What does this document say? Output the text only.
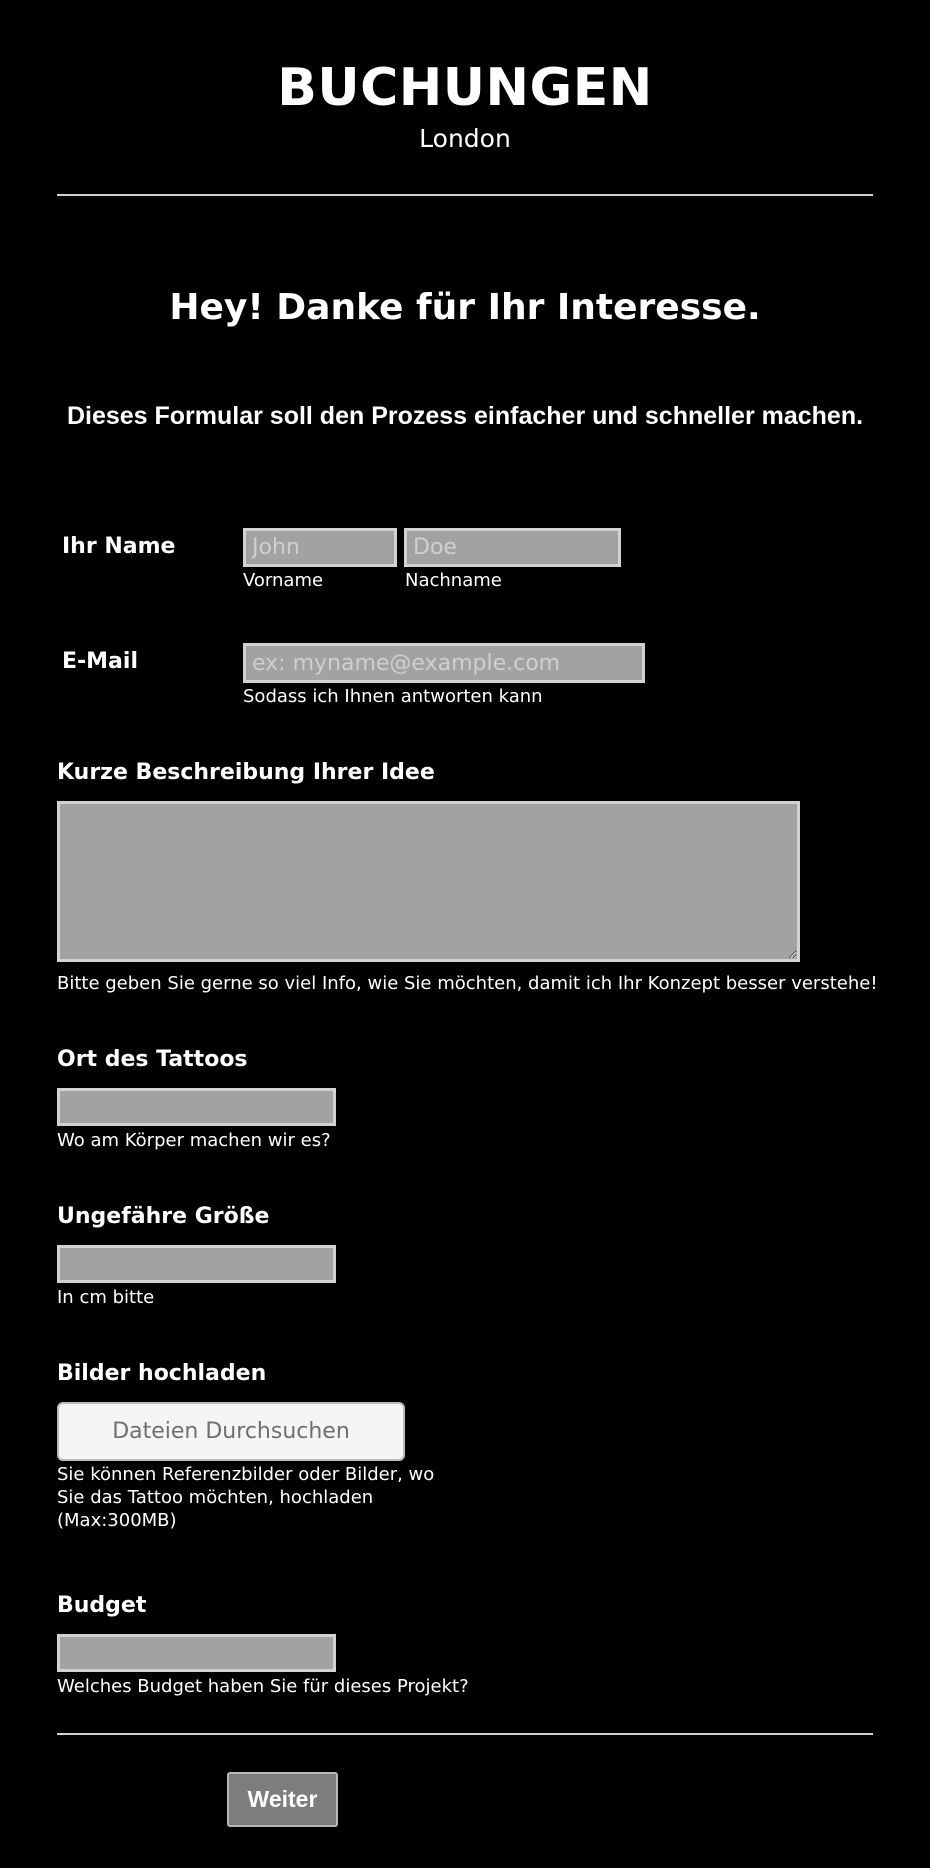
BUCHUNGEN
London
Hey! Danke für Ihr Interesse.
Dieses Formular soll den Prozess einfacher und schneller machen.
Ihr Name
John
Doe
Vorname	Nachname
E-Mail
ex: myname@example.com
Sodass ich Ihnen antworten kann
Kurze Beschreibung Ihrer Idee
Bitte geben Sie gerne so viel Info, wie Sie möchten, damit ich Ihr Konzept besser verstehe!
Ort des Tattoos
Wo am Körper machen wir es?
Ungefähre Größe
In cm bitte
Bilder hochladen
Dateien Durchsuchen
Sie können Referenzbilder oder Bilder, wo
Sie das Tattoo möchten, hochladen
(Max:300MB)
Budget
Welches Budget haben Sie für dieses Projekt?
Weiter
